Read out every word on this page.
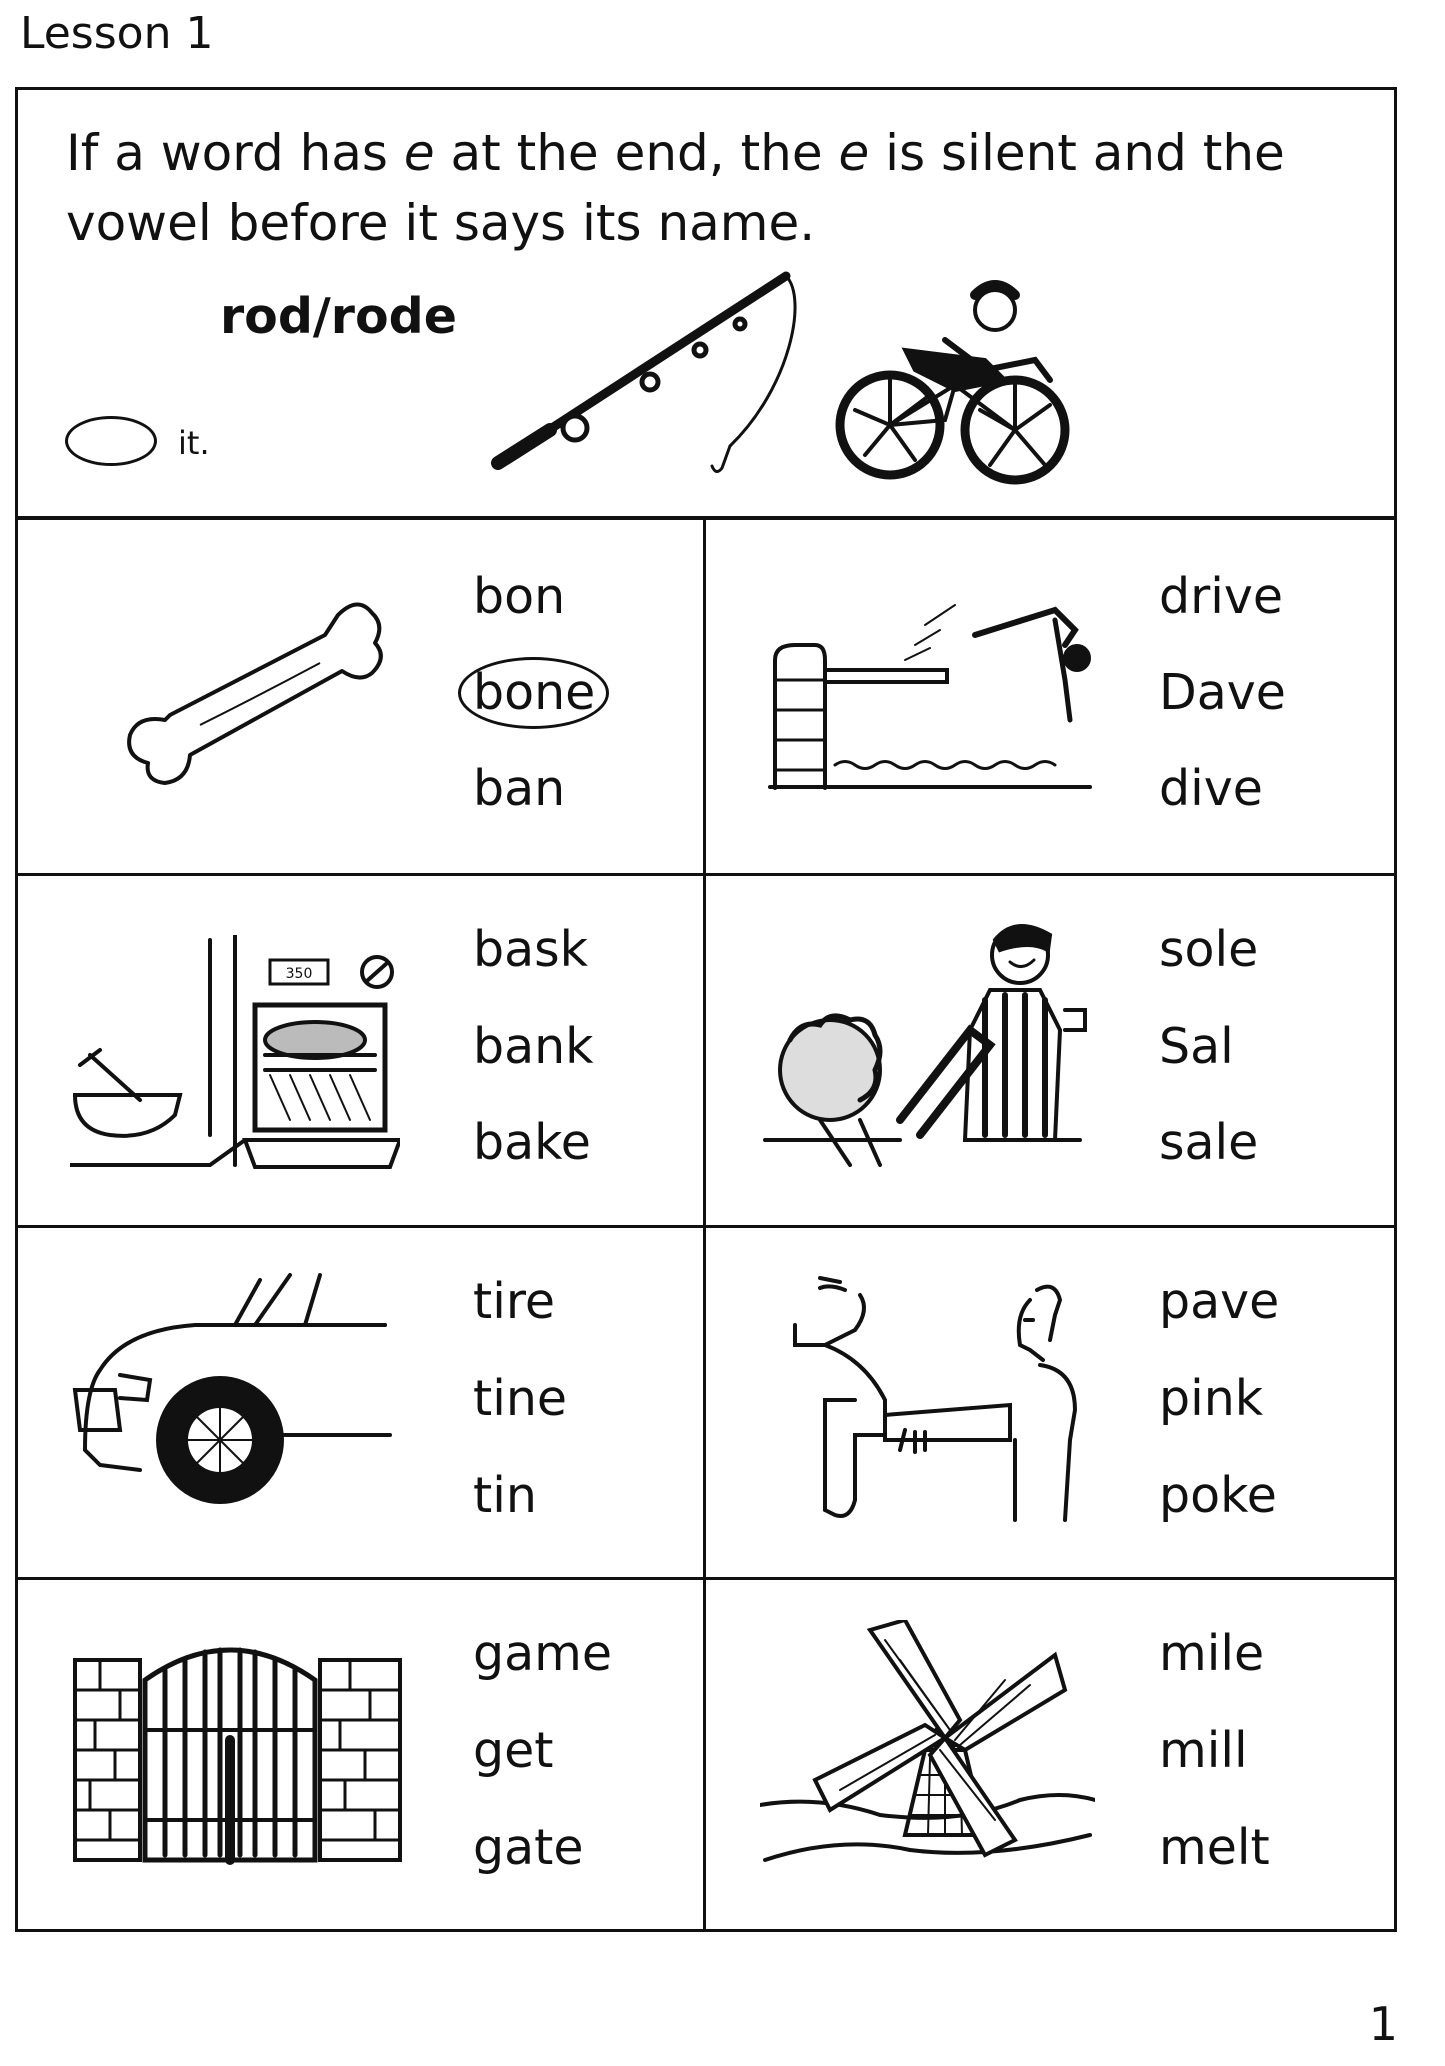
Lesson 1
If a word has e at the end, the e is silent and the
vowel before it says its name.
rod/rode
it.
350
bon
bone
ban
drive
Dave
dive
bask
bank
bake
sole
Sal
sale
tire
tine
tin
pave
pink
poke
game
get
gate
mile
mill
melt
1
